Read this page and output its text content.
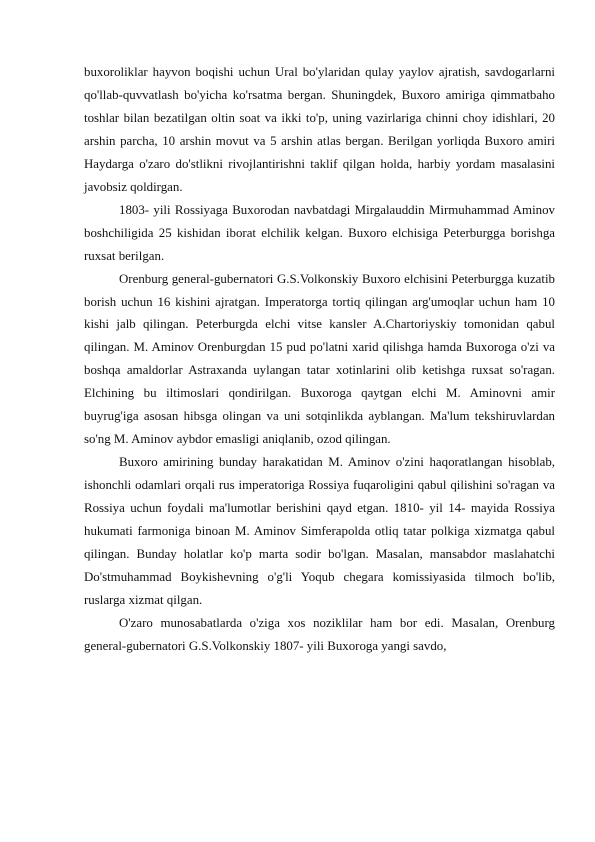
buxoroliklar hayvon boqishi uchun Ural bo'ylaridan qulay yaylov ajratish, savdogarlarni qo'llab-quvvatlash bo'yicha ko'rsatma bergan. Shuningdek, Buxoro amiriga qimmatbaho toshlar bilan bezatilgan oltin soat va ikki to'p, uning vazirlariga chinni choy idishlari, 20 arshin parcha, 10 arshin movut va 5 arshin atlas bergan. Berilgan yorliqda Buxoro amiri Haydarga o'zaro do'stlikni rivojlantirishni taklif qilgan holda, harbiy yordam masalasini javobsiz qoldirgan.

1803- yili Rossiyaga Buxorodan navbatdagi Mirgalauddin Mirmuhammad Aminov boshchiligida 25 kishidan iborat elchilik kelgan. Buxoro elchisiga Peterburgga borishga ruxsat berilgan.

Orenburg general-gubernatori G.S.Volkonskiy Buxoro elchisini Peterburgga kuzatib borish uchun 16 kishini ajratgan. Imperatorga tortiq qilingan arg'umoqlar uchun ham 10 kishi jalb qilingan. Peterburgda elchi vitse kansler A.Chartoriyskiy tomonidan qabul qilingan. M. Aminov Orenburgdan 15 pud po'latni xarid qilishga hamda Buxoroga o'zi va boshqa amaldorlar Astraxanda uylangan tatar xotinlarini olib ketishga ruxsat so'ragan. Elchining bu iltimoslari qondirilgan. Buxoroga qaytgan elchi M. Aminovni amir buyrug'iga asosan hibsga olingan va uni sotqinlikda ayblangan. Ma'lum tekshiruvlardan so'ng M. Aminov aybdor emasligi aniqlanib, ozod qilingan.

Buxoro amirining bunday harakatidan M. Aminov o'zini haqoratlangan hisoblab, ishonchli odamlari orqali rus imperatoriga Rossiya fuqaroligini qabul qilishini so'ragan va Rossiya uchun foydali ma'lumotlar berishini qayd etgan. 1810- yil 14- mayida Rossiya hukumati farmoniga binoan M. Aminov Simferapolda otliq tatar polkiga xizmatga qabul qilingan. Bunday holatlar ko'p marta sodir bo'lgan. Masalan, mansabdor maslahatchi Do'stmuhammad Boykishevning o'g'li Yoqub chegara komissiyasida tilmoch bo'lib, ruslarga xizmat qilgan.

O'zaro munosabatlarda o'ziga xos noziklilar ham bor edi. Masalan, Orenburg general-gubernatori G.S.Volkonskiy 1807- yili Buxoroga yangi savdo,
